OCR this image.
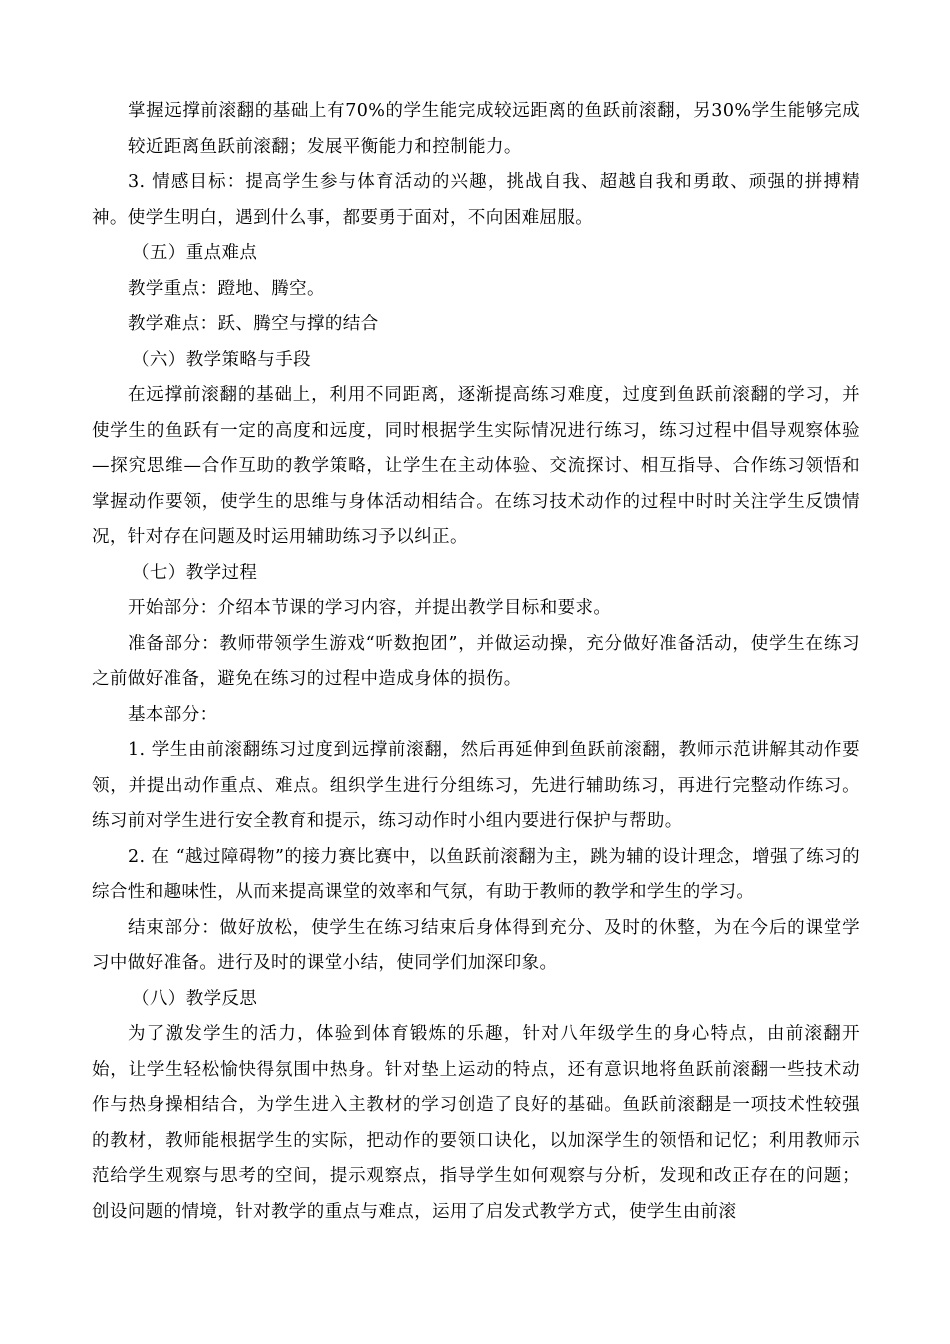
掌握远撑前滚翻的基础上有70%的学生能完成较远距离的鱼跃前滚翻，另30%学生能够完成较近距离鱼跃前滚翻；发展平衡能力和控制能力。

3. 情感目标：提高学生参与体育活动的兴趣，挑战自我、超越自我和勇敢、顽强的拼搏精神。使学生明白，遇到什么事，都要勇于面对，不向困难屈服。

（五）重点难点

教学重点：蹬地、腾空。

教学难点：跃、腾空与撑的结合

（六）教学策略与手段

在远撑前滚翻的基础上，利用不同距离，逐渐提高练习难度，过度到鱼跃前滚翻的学习，并使学生的鱼跃有一定的高度和远度，同时根据学生实际情况进行练习，练习过程中倡导观察体验—探究思维—合作互助的教学策略，让学生在主动体验、交流探讨、相互指导、合作练习领悟和掌握动作要领，使学生的思维与身体活动相结合。在练习技术动作的过程中时时关注学生反馈情况，针对存在问题及时运用辅助练习予以纠正。

（七）教学过程

开始部分：介绍本节课的学习内容，并提出教学目标和要求。

准备部分：教师带领学生游戏“听数抱团”，并做运动操，充分做好准备活动，使学生在练习之前做好准备，避免在练习的过程中造成身体的损伤。

基本部分：

1. 学生由前滚翻练习过度到远撑前滚翻，然后再延伸到鱼跃前滚翻，教师示范讲解其动作要领，并提出动作重点、难点。组织学生进行分组练习，先进行辅助练习，再进行完整动作练习。练习前对学生进行安全教育和提示，练习动作时小组内要进行保护与帮助。

2. 在 “越过障碍物”的接力赛比赛中，以鱼跃前滚翻为主，跳为辅的设计理念，增强了练习的综合性和趣味性，从而来提高课堂的效率和气氛，有助于教师的教学和学生的学习。

结束部分：做好放松，使学生在练习结束后身体得到充分、及时的休整，为在今后的课堂学习中做好准备。进行及时的课堂小结，使同学们加深印象。

（八）教学反思

为了激发学生的活力，体验到体育锻炼的乐趣，针对八年级学生的身心特点，由前滚翻开始，让学生轻松愉快得氛围中热身。针对垫上运动的特点，还有意识地将鱼跃前滚翻一些技术动作与热身操相结合，为学生进入主教材的学习创造了良好的基础。鱼跃前滚翻是一项技术性较强的教材，教师能根据学生的实际，把动作的要领口诀化，以加深学生的领悟和记忆；利用教师示范给学生观察与思考的空间，提示观察点，指导学生如何观察与分析，发现和改正存在的问题；创设问题的情境，针对教学的重点与难点，运用了启发式教学方式，使学生由前滚
